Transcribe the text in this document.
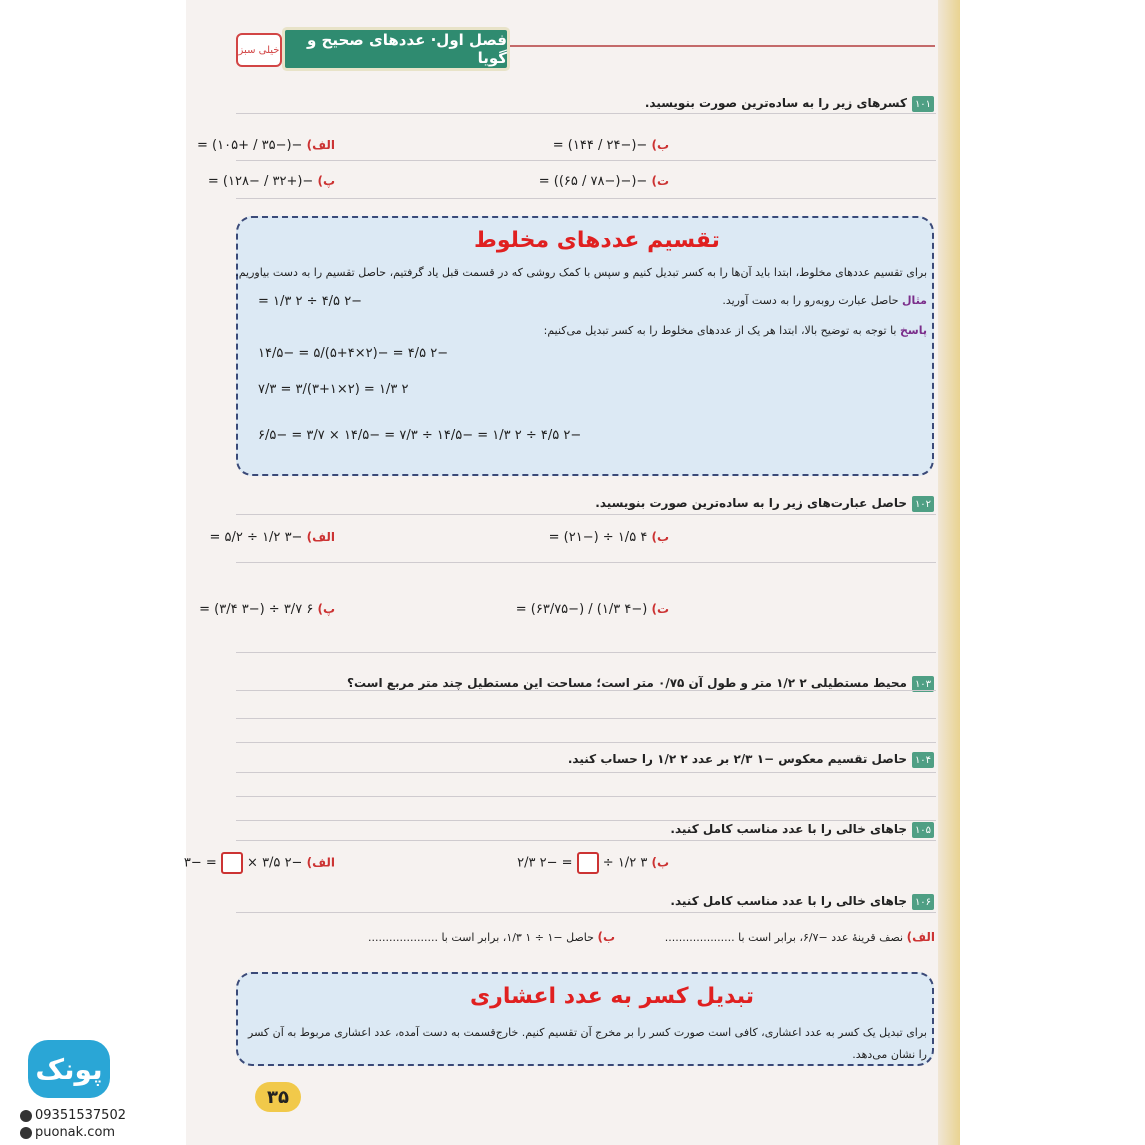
خیلی سبز
فصل اول· عددهای صحیح و گویا
۱۰۱
کسرهای زیر را به ساده‌ترین صورت بنویسید.
الف) −(−۳۵ / +۱۰۵) =	ب) −(−۲۴ / ۱۴۴) =
پ) −(+۳۲ / −۱۲۸) =	ت) −(−(−۷۸ / ۶۵)) =
تقسیم عددهای مخلوط
برای تقسیم عددهای مخلوط، ابتدا باید آن‌ها را به کسر تبدیل کنیم و سپس با کمک روشی که در قسمت قبل یاد گرفتیم، حاصل تقسیم را به دست بیاوریم.
مثال حاصل عبارت روبه‌رو را به دست آورید.
−۲ ۴/۵ ÷ ۲ ۱/۳ =
پاسخ با توجه به توضیح بالا، ابتدا هر یک از عددهای مخلوط را به کسر تبدیل می‌کنیم:
−۲ ۴/۵ = −(۲×۵+۴)/۵ = −۱۴/۵
۲ ۱/۳ = (۲×۳+۱)/۳ = ۷/۳
−۲ ۴/۵ ÷ ۲ ۱/۳ = −۱۴/۵ ÷ ۷/۳ = −۱۴/۵ × ۳/۷ = −۶/۵
۱۰۲
حاصل عبارت‌های زیر را به ساده‌ترین صورت بنویسید.
الف) −۳ ۱/۲ ÷ ۵/۲ =	ب) ۴ ۱/۵ ÷ (−۲۱) =
پ) ۶ ۳/۷ ÷ (−۳ ۳/۴) =	ت) (−۴ ۱/۳) / (−۶۳/۷۵) =
۱۰۳
محیط مستطیلی ۲ ۱/۲ متر و طول آن ۰/۷۵ متر است؛ مساحت این مستطیل چند متر مربع است؟
۱۰۴
حاصل تقسیم معکوس −۱ ۲/۳ بر عدد ۲ ۱/۲ را حساب کنید.
۱۰۵
جاهای خالی را با عدد مناسب کامل کنید.
الف) −۲ ۳/۵ ×  = −۳	ب) ۳ ۱/۲ ÷  = −۲ ۲/۳
۱۰۶
جاهای خالی را با عدد مناسب کامل کنید.
الف) نصف قرینهٔ عدد −۶/۷، برابر است با ....................
ب) حاصل −۱ ÷ ۱ ۱/۳، برابر است با ....................
تبدیل کسر به عدد اعشاری
برای تبدیل یک کسر به عدد اعشاری، کافی است صورت کسر را بر مخرج آن تقسیم کنیم. خارج‌قسمت به دست آمده، عدد اعشاری مربوط به آن کسر را نشان می‌دهد.
۳۵
پونک
09351537502
puonak.com
